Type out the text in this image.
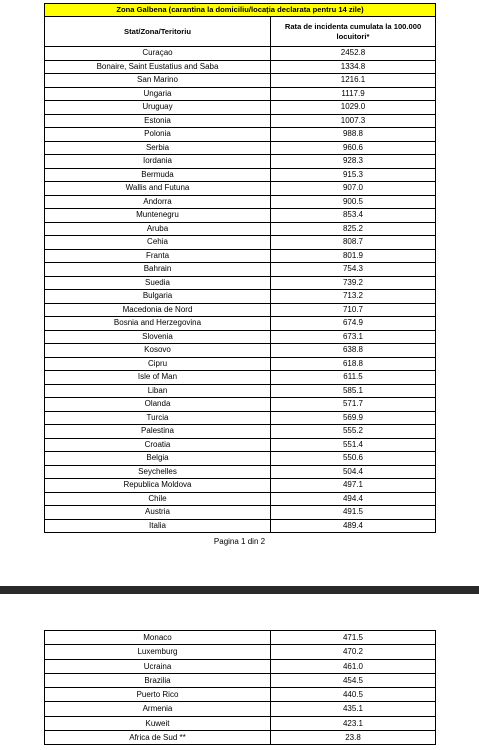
Zona Galbena (carantina la domiciliu/locația declarata pentru 14 zile)	
Stat/Zona/Teritoriu	Rata de incidenta cumulata la 100.000 locuitori*
Curaçao	2452.8
Bonaire, Saint Eustatius and Saba	1334.8
San Marino	1216.1
Ungaria	1117.9
Uruguay	1029.0
Estonia	1007.3
Polonia	988.8
Serbia	960.6
Iordania	928.3
Bermuda	915.3
Wallis and Futuna	907.0
Andorra	900.5
Muntenegru	853.4
Aruba	825.2
Cehia	808.7
Franta	801.9
Bahrain	754.3
Suedia	739.2
Bulgaria	713.2
Macedonia de Nord	710.7
Bosnia and Herzegovina	674.9
Slovenia	673.1
Kosovo	638.8
Cipru	618.8
Isle of Man	611.5
Liban	585.1
Olanda	571.7
Turcia	569.9
Palestina	555.2
Croatia	551.4
Belgia	550.6
Seychelles	504.4
Republica Moldova	497.1
Chile	494.4
Austria	491.5
Italia	489.4
Pagina 1 din 2
Monaco	471.5
Luxemburg	470.2
Ucraina	461.0
Brazilia	454.5
Puerto Rico	440.5
Armenia	435.1
Kuweit	423.1
Africa de Sud **	23.8
